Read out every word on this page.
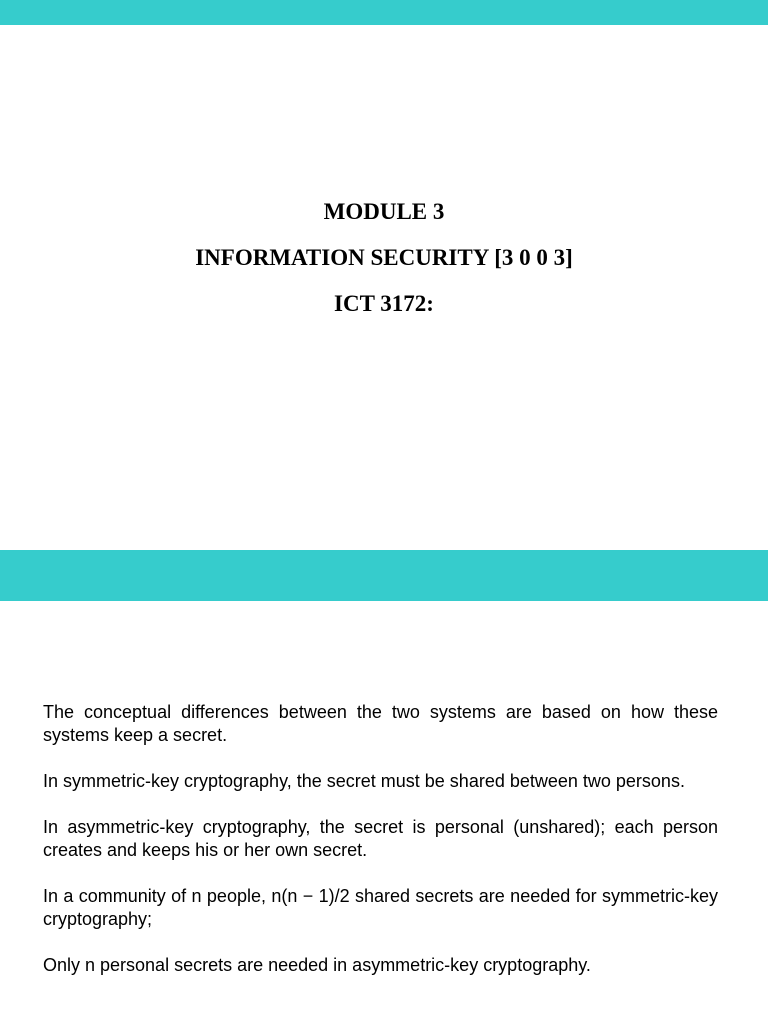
MODULE 3
INFORMATION SECURITY [3 0 0 3]
ICT 3172:

The conceptual differences between the two systems are based on how these systems keep a secret.

In symmetric-key cryptography, the secret must be shared between two persons.

In asymmetric-key cryptography, the secret is personal (unshared); each person creates and keeps his or her own secret.

In a community of n people, n(n − 1)/2 shared secrets are needed for symmetric-key cryptography;

Only n personal secrets are needed in asymmetric-key cryptography.
